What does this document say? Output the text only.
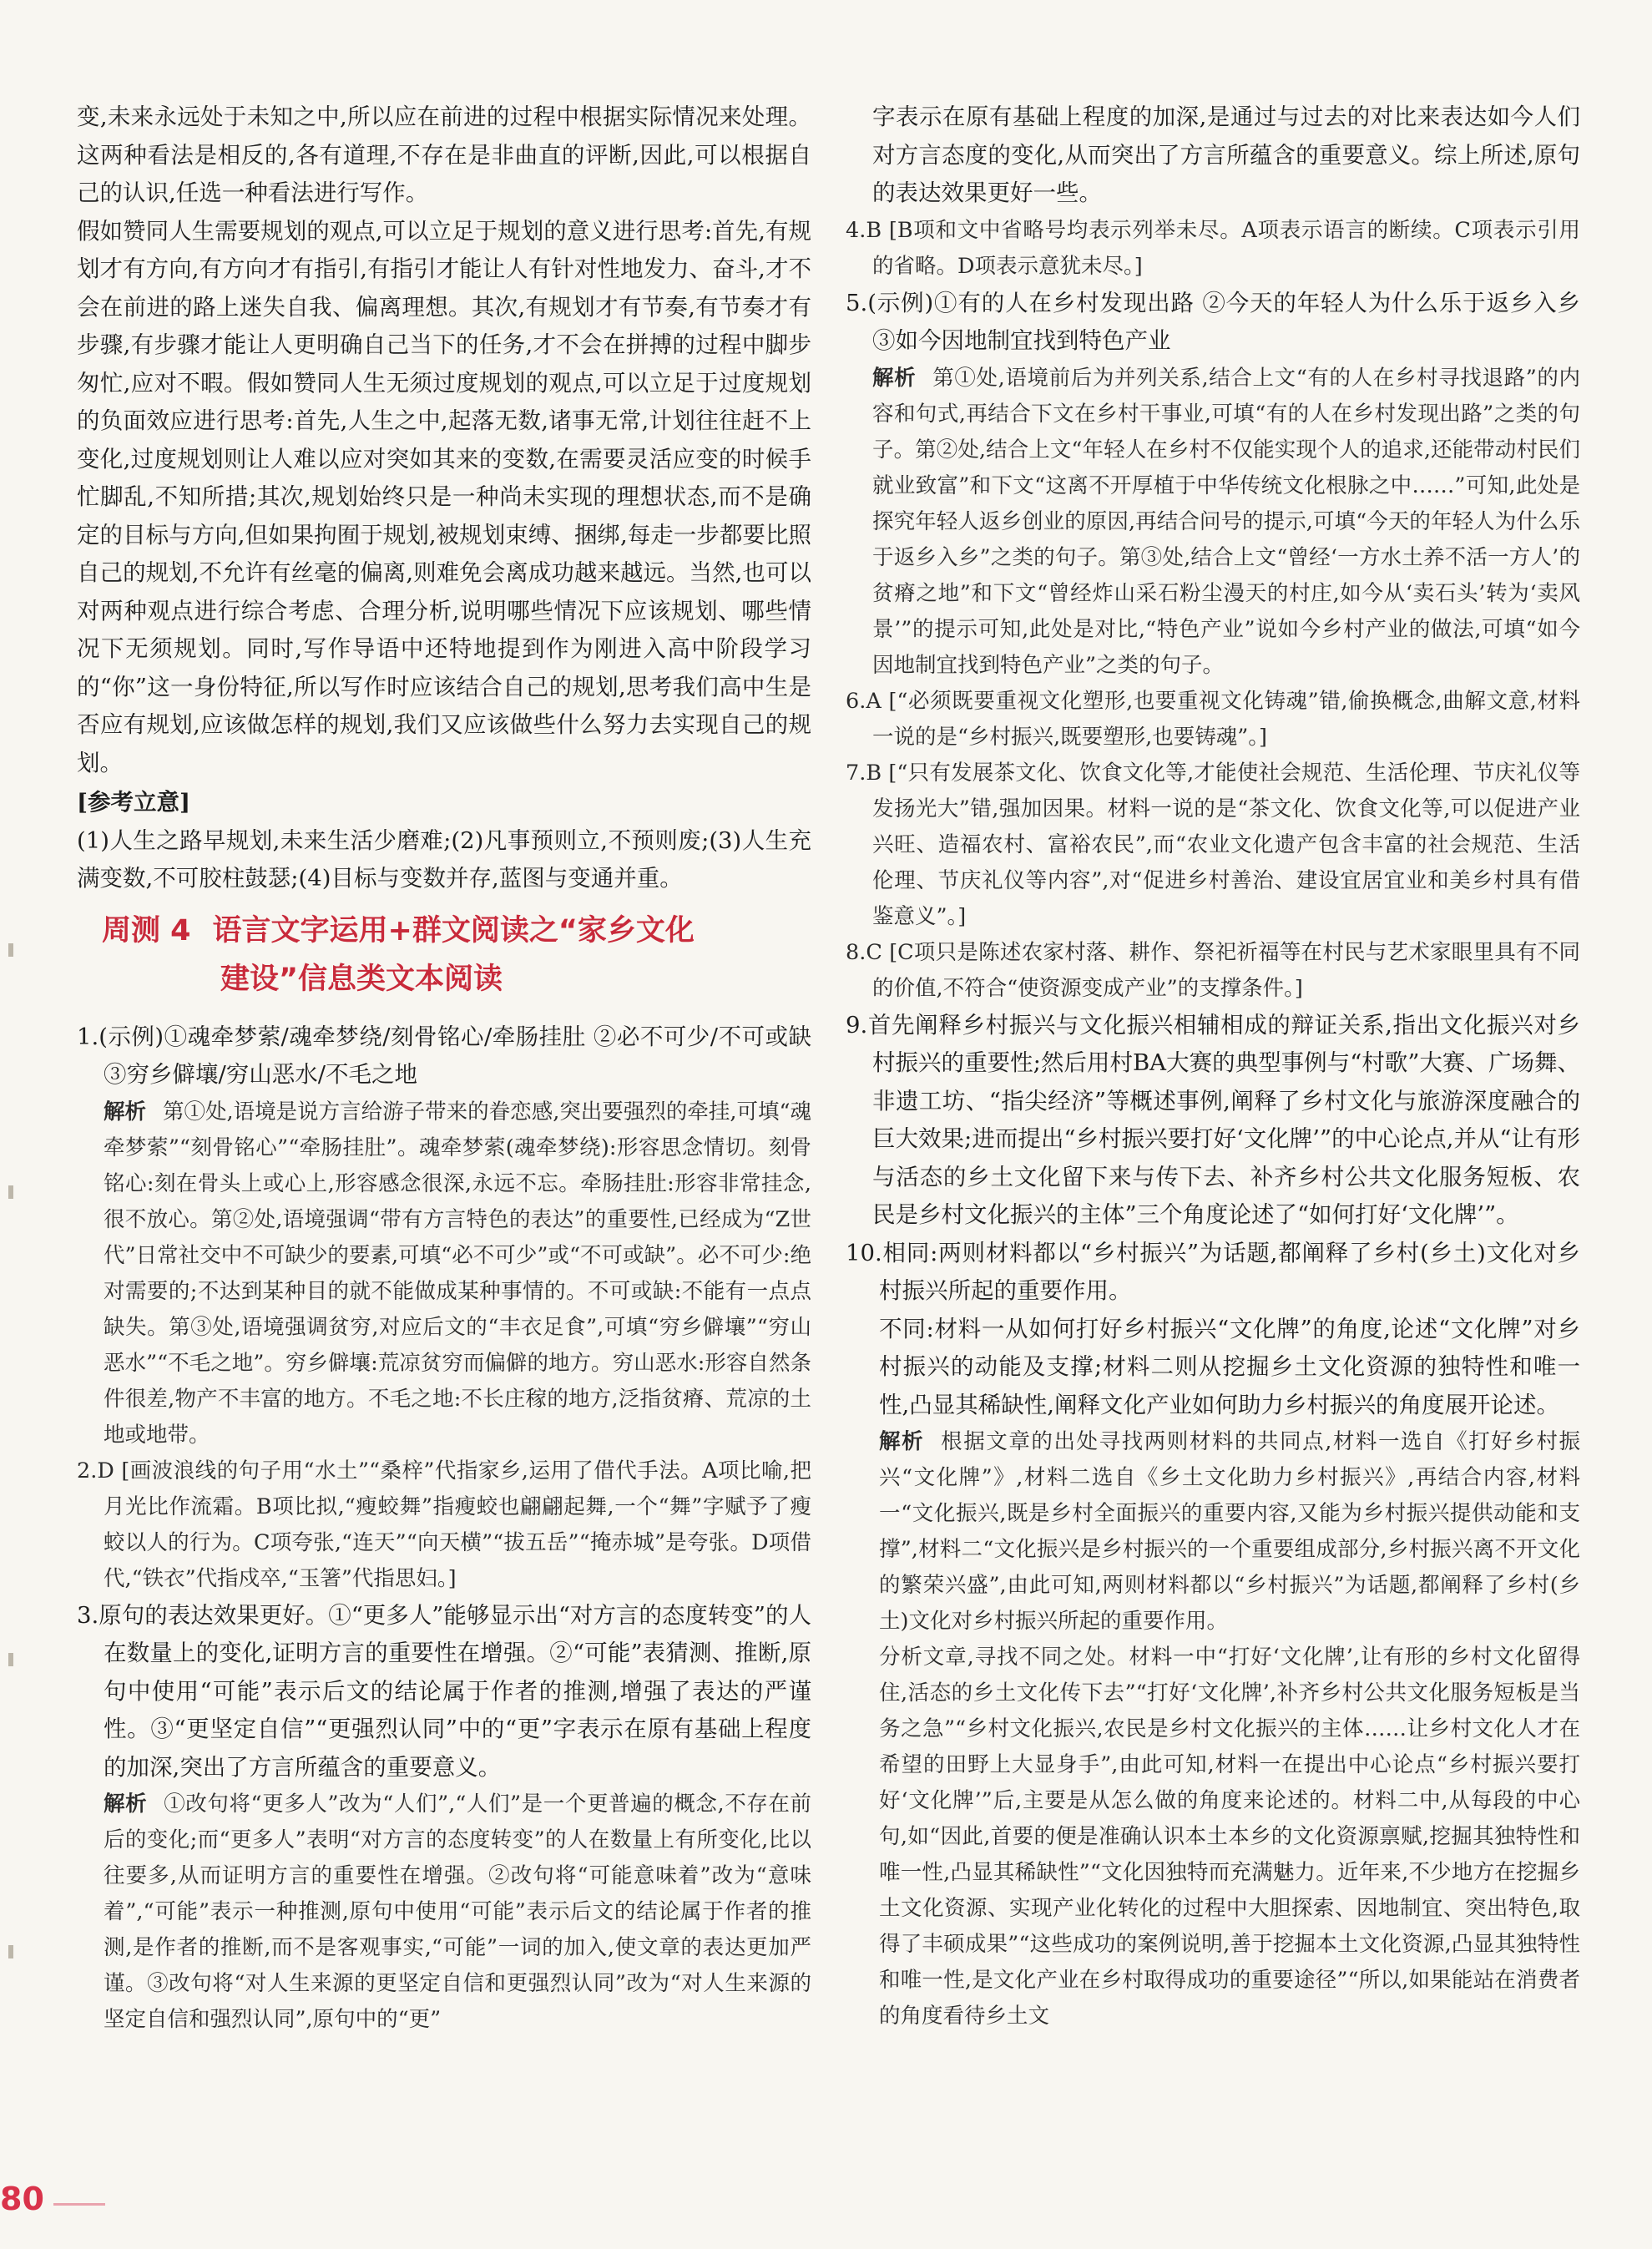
变,未来永远处于未知之中,所以应在前进的过程中根据实际情况来处理。这两种看法是相反的,各有道理,不存在是非曲直的评断,因此,可以根据自己的认识,任选一种看法进行写作。

假如赞同人生需要规划的观点,可以立足于规划的意义进行思考:首先,有规划才有方向,有方向才有指引,有指引才能让人有针对性地发力、奋斗,才不会在前进的路上迷失自我、偏离理想。其次,有规划才有节奏,有节奏才有步骤,有步骤才能让人更明确自己当下的任务,才不会在拼搏的过程中脚步匆忙,应对不暇。假如赞同人生无须过度规划的观点,可以立足于过度规划的负面效应进行思考:首先,人生之中,起落无数,诸事无常,计划往往赶不上变化,过度规划则让人难以应对突如其来的变数,在需要灵活应变的时候手忙脚乱,不知所措;其次,规划始终只是一种尚未实现的理想状态,而不是确定的目标与方向,但如果拘囿于规划,被规划束缚、捆绑,每走一步都要比照自己的规划,不允许有丝毫的偏离,则难免会离成功越来越远。当然,也可以对两种观点进行综合考虑、合理分析,说明哪些情况下应该规划、哪些情况下无须规划。同时,写作导语中还特地提到作为刚进入高中阶段学习的“你”这一身份特征,所以写作时应该结合自己的规划,思考我们高中生是否应有规划,应该做怎样的规划,我们又应该做些什么努力去实现自己的规划。

[参考立意]

(1)人生之路早规划,未来生活少磨难;(2)凡事预则立,不预则废;(3)人生充满变数,不可胶柱鼓瑟;(4)目标与变数并存,蓝图与变通并重。

周测 4 语言文字运用+群文阅读之“家乡文化
建设”信息类文本阅读

1.(示例)①魂牵梦萦/魂牵梦绕/刻骨铭心/牵肠挂肚 ②必不可少/不可或缺 ③穷乡僻壤/穷山恶水/不毛之地

解析 第①处,语境是说方言给游子带来的眷恋感,突出要强烈的牵挂,可填“魂牵梦萦”“刻骨铭心”“牵肠挂肚”。魂牵梦萦(魂牵梦绕):形容思念情切。刻骨铭心:刻在骨头上或心上,形容感念很深,永远不忘。牵肠挂肚:形容非常挂念,很不放心。第②处,语境强调“带有方言特色的表达”的重要性,已经成为“Z世代”日常社交中不可缺少的要素,可填“必不可少”或“不可或缺”。必不可少:绝对需要的;不达到某种目的就不能做成某种事情的。不可或缺:不能有一点点缺失。第③处,语境强调贫穷,对应后文的“丰衣足食”,可填“穷乡僻壤”“穷山恶水”“不毛之地”。穷乡僻壤:荒凉贫穷而偏僻的地方。穷山恶水:形容自然条件很差,物产不丰富的地方。不毛之地:不长庄稼的地方,泛指贫瘠、荒凉的土地或地带。

2.D [画波浪线的句子用“水土”“桑梓”代指家乡,运用了借代手法。A项比喻,把月光比作流霜。B项比拟,“瘦蛟舞”指瘦蛟也翩翩起舞,一个“舞”字赋予了瘦蛟以人的行为。C项夸张,“连天”“向天横”“拔五岳”“掩赤城”是夸张。D项借代,“铁衣”代指戍卒,“玉箸”代指思妇。]

3.原句的表达效果更好。①“更多人”能够显示出“对方言的态度转变”的人在数量上的变化,证明方言的重要性在增强。②“可能”表猜测、推断,原句中使用“可能”表示后文的结论属于作者的推测,增强了表达的严谨性。③“更坚定自信”“更强烈认同”中的“更”字表示在原有基础上程度的加深,突出了方言所蕴含的重要意义。

解析 ①改句将“更多人”改为“人们”,“人们”是一个更普遍的概念,不存在前后的变化;而“更多人”表明“对方言的态度转变”的人在数量上有所变化,比以往要多,从而证明方言的重要性在增强。②改句将“可能意味着”改为“意味着”,“可能”表示一种推测,原句中使用“可能”表示后文的结论属于作者的推测,是作者的推断,而不是客观事实,“可能”一词的加入,使文章的表达更加严谨。③改句将“对人生来源的更坚定自信和更强烈认同”改为“对人生来源的坚定自信和强烈认同”,原句中的“更”

字表示在原有基础上程度的加深,是通过与过去的对比来表达如今人们对方言态度的变化,从而突出了方言所蕴含的重要意义。综上所述,原句的表达效果更好一些。

4.B [B项和文中省略号均表示列举未尽。A项表示语言的断续。C项表示引用的省略。D项表示意犹未尽。]

5.(示例)①有的人在乡村发现出路 ②今天的年轻人为什么乐于返乡入乡 ③如今因地制宜找到特色产业

解析 第①处,语境前后为并列关系,结合上文“有的人在乡村寻找退路”的内容和句式,再结合下文在乡村干事业,可填“有的人在乡村发现出路”之类的句子。第②处,结合上文“年轻人在乡村不仅能实现个人的追求,还能带动村民们就业致富”和下文“这离不开厚植于中华传统文化根脉之中……”可知,此处是探究年轻人返乡创业的原因,再结合问号的提示,可填“今天的年轻人为什么乐于返乡入乡”之类的句子。第③处,结合上文“曾经‘一方水土养不活一方人’的贫瘠之地”和下文“曾经炸山采石粉尘漫天的村庄,如今从‘卖石头’转为‘卖风景’”的提示可知,此处是对比,“特色产业”说如今乡村产业的做法,可填“如今因地制宜找到特色产业”之类的句子。

6.A [“必须既要重视文化塑形,也要重视文化铸魂”错,偷换概念,曲解文意,材料一说的是“乡村振兴,既要塑形,也要铸魂”。]

7.B [“只有发展茶文化、饮食文化等,才能使社会规范、生活伦理、节庆礼仪等发扬光大”错,强加因果。材料一说的是“茶文化、饮食文化等,可以促进产业兴旺、造福农村、富裕农民”,而“农业文化遗产包含丰富的社会规范、生活伦理、节庆礼仪等内容”,对“促进乡村善治、建设宜居宜业和美乡村具有借鉴意义”。]

8.C [C项只是陈述农家村落、耕作、祭祀祈福等在村民与艺术家眼里具有不同的价值,不符合“使资源变成产业”的支撑条件。]

9.首先阐释乡村振兴与文化振兴相辅相成的辩证关系,指出文化振兴对乡村振兴的重要性;然后用村BA大赛的典型事例与“村歌”大赛、广场舞、非遗工坊、“指尖经济”等概述事例,阐释了乡村文化与旅游深度融合的巨大效果;进而提出“乡村振兴要打好‘文化牌’”的中心论点,并从“让有形与活态的乡土文化留下来与传下去、补齐乡村公共文化服务短板、农民是乡村文化振兴的主体”三个角度论述了“如何打好‘文化牌’”。

10.相同:两则材料都以“乡村振兴”为话题,都阐释了乡村(乡土)文化对乡村振兴所起的重要作用。

不同:材料一从如何打好乡村振兴“文化牌”的角度,论述“文化牌”对乡村振兴的动能及支撑;材料二则从挖掘乡土文化资源的独特性和唯一性,凸显其稀缺性,阐释文化产业如何助力乡村振兴的角度展开论述。

解析 根据文章的出处寻找两则材料的共同点,材料一选自《打好乡村振兴“文化牌”》,材料二选自《乡土文化助力乡村振兴》,再结合内容,材料一“文化振兴,既是乡村全面振兴的重要内容,又能为乡村振兴提供动能和支撑”,材料二“文化振兴是乡村振兴的一个重要组成部分,乡村振兴离不开文化的繁荣兴盛”,由此可知,两则材料都以“乡村振兴”为话题,都阐释了乡村(乡土)文化对乡村振兴所起的重要作用。

分析文章,寻找不同之处。材料一中“打好‘文化牌’,让有形的乡村文化留得住,活态的乡土文化传下去”“打好‘文化牌’,补齐乡村公共文化服务短板是当务之急”“乡村文化振兴,农民是乡村文化振兴的主体……让乡村文化人才在希望的田野上大显身手”,由此可知,材料一在提出中心论点“乡村振兴要打好‘文化牌’”后,主要是从怎么做的角度来论述的。材料二中,从每段的中心句,如“因此,首要的便是准确认识本土本乡的文化资源禀赋,挖掘其独特性和唯一性,凸显其稀缺性”“文化因独特而充满魅力。近年来,不少地方在挖掘乡土文化资源、实现产业化转化的过程中大胆探索、因地制宜、突出特色,取得了丰硕成果”“这些成功的案例说明,善于挖掘本土文化资源,凸显其独特性和唯一性,是文化产业在乡村取得成功的重要途径”“所以,如果能站在消费者的角度看待乡土文

80
